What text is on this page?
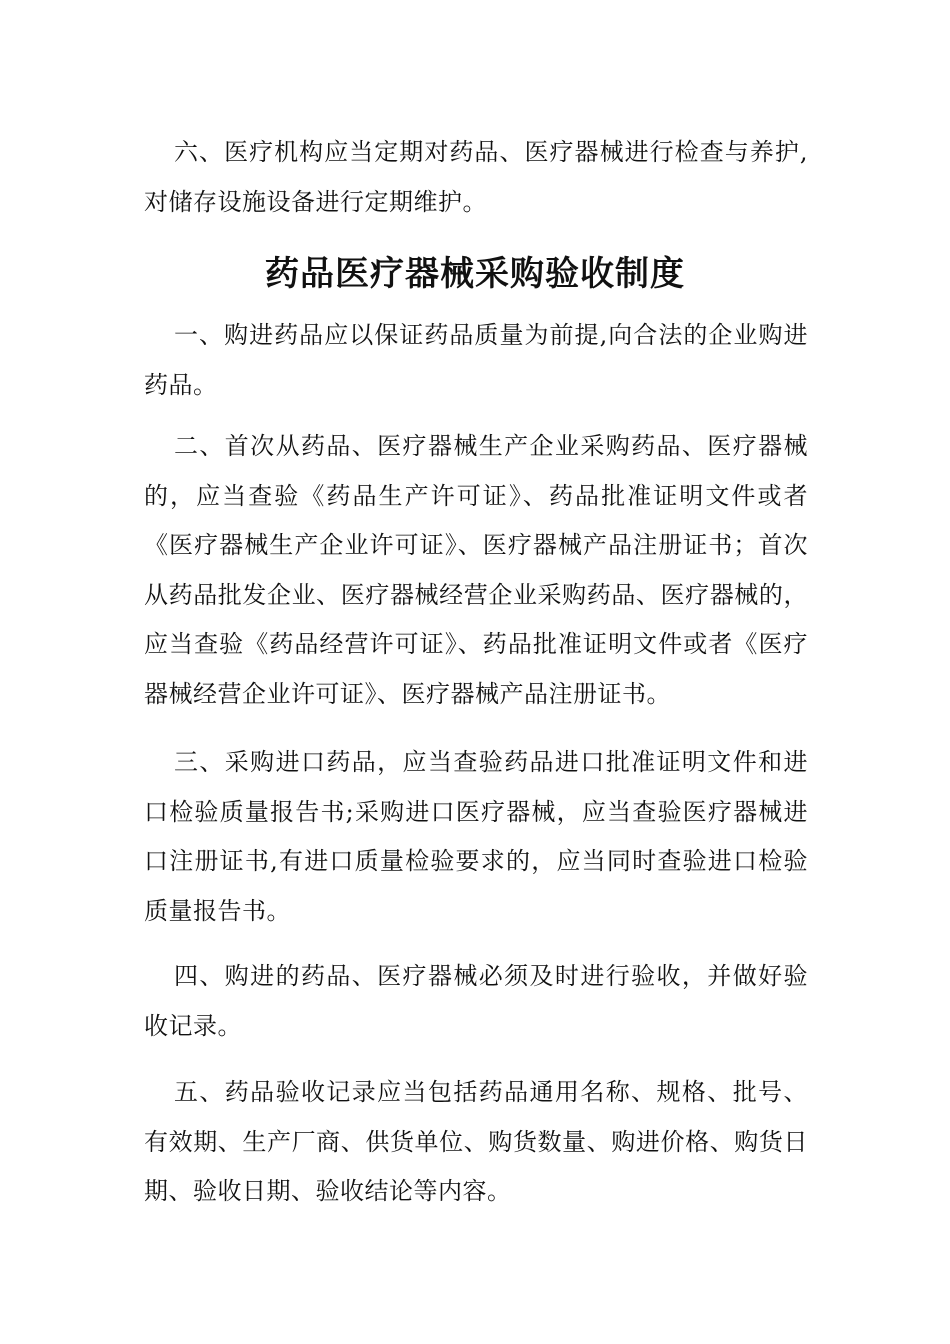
六、医疗机构应当定期对药品、医疗器械进行检查与养护,对储存设施设备进行定期维护。

药品医疗器械采购验收制度

一、购进药品应以保证药品质量为前提,向合法的企业购进药品。

二、首次从药品、医疗器械生产企业采购药品、医疗器械的，应当查验《药品生产许可证》、药品批准证明文件或者《医疗器械生产企业许可证》、医疗器械产品注册证书；首次从药品批发企业、医疗器械经营企业采购药品、医疗器械的，应当查验《药品经营许可证》、药品批准证明文件或者《医疗器械经营企业许可证》、医疗器械产品注册证书。

三、采购进口药品，应当查验药品进口批准证明文件和进口检验质量报告书;采购进口医疗器械，应当查验医疗器械进口注册证书,有进口质量检验要求的，应当同时查验进口检验质量报告书。

四、购进的药品、医疗器械必须及时进行验收，并做好验收记录。

五、药品验收记录应当包括药品通用名称、规格、批号、有效期、生产厂商、供货单位、购货数量、购进价格、购货日期、验收日期、验收结论等内容。
